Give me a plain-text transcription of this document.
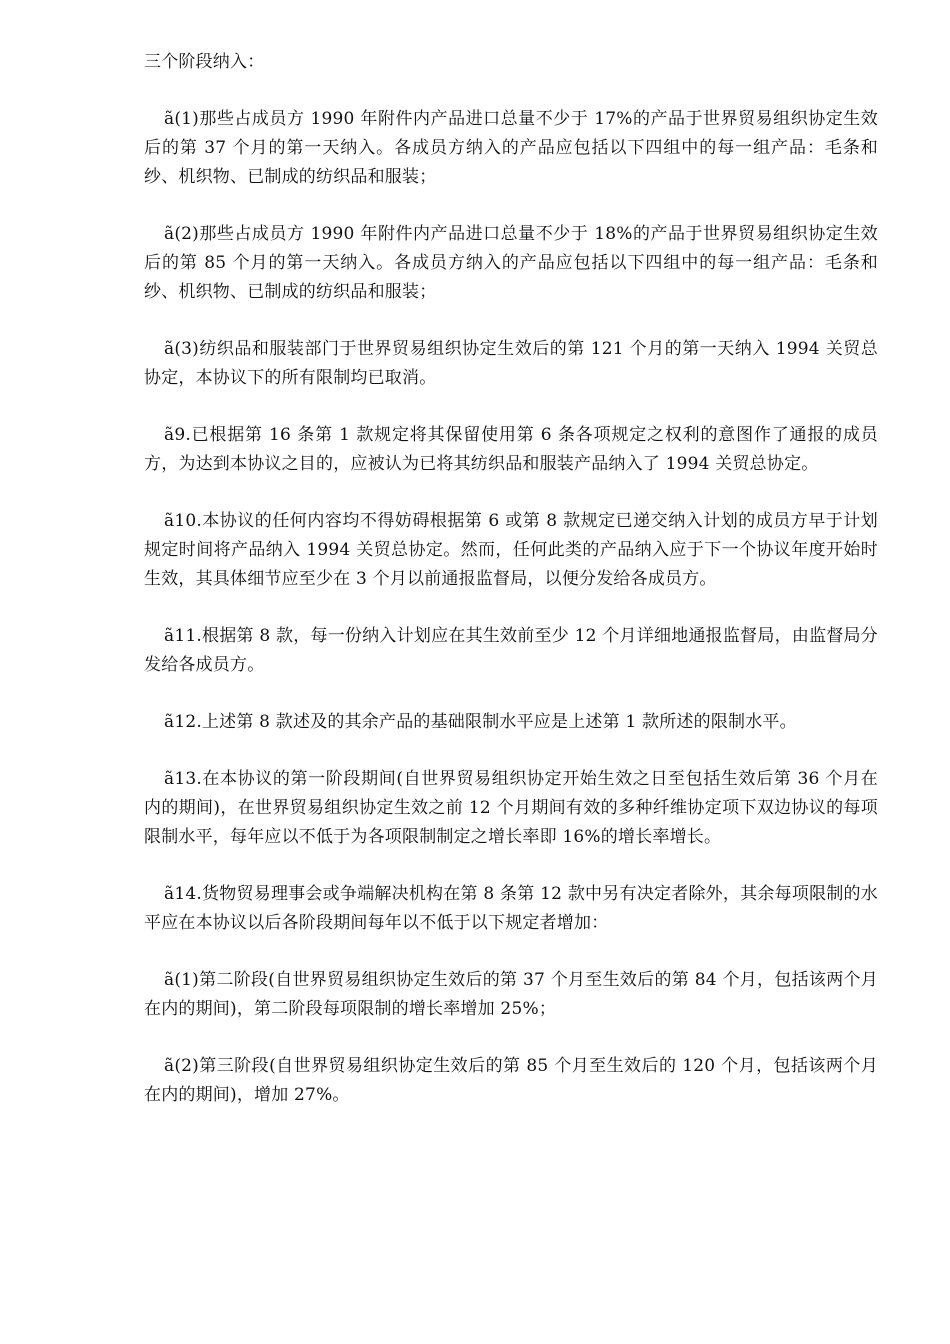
三个阶段纳入：

ã(1)那些占成员方 1990 年附件内产品进口总量不少于 17%的产品于世界贸易组织协定生效后的第 37 个月的第一天纳入。各成员方纳入的产品应包括以下四组中的每一组产品：毛条和纱、机织物、已制成的纺织品和服装；

ã(2)那些占成员方 1990 年附件内产品进口总量不少于 18%的产品于世界贸易组织协定生效后的第 85 个月的第一天纳入。各成员方纳入的产品应包括以下四组中的每一组产品：毛条和纱、机织物、已制成的纺织品和服装；

ã(3)纺织品和服装部门于世界贸易组织协定生效后的第 121 个月的第一天纳入 1994 关贸总协定，本协议下的所有限制均已取消。

ã9.已根据第 16 条第 1 款规定将其保留使用第 6 条各项规定之权利的意图作了通报的成员方，为达到本协议之目的，应被认为已将其纺织品和服装产品纳入了 1994 关贸总协定。

ã10.本协议的任何内容均不得妨碍根据第 6 或第 8 款规定已递交纳入计划的成员方早于计划规定时间将产品纳入 1994 关贸总协定。然而，任何此类的产品纳入应于下一个协议年度开始时生效，其具体细节应至少在 3 个月以前通报监督局，以便分发给各成员方。

ã11.根据第 8 款，每一份纳入计划应在其生效前至少 12 个月详细地通报监督局，由监督局分发给各成员方。

ã12.上述第 8 款述及的其余产品的基础限制水平应是上述第 1 款所述的限制水平。

ã13.在本协议的第一阶段期间(自世界贸易组织协定开始生效之日至包括生效后第 36 个月在内的期间)，在世界贸易组织协定生效之前 12 个月期间有效的多种纤维协定项下双边协议的每项限制水平，每年应以不低于为各项限制制定之增长率即 16%的增长率增长。

ã14.货物贸易理事会或争端解决机构在第 8 条第 12 款中另有决定者除外，其余每项限制的水平应在本协议以后各阶段期间每年以不低于以下规定者增加：

ã(1)第二阶段(自世界贸易组织协定生效后的第 37 个月至生效后的第 84 个月，包括该两个月在内的期间)，第二阶段每项限制的增长率增加 25%；

ã(2)第三阶段(自世界贸易组织协定生效后的第 85 个月至生效后的 120 个月，包括该两个月在内的期间)，增加 27%。
